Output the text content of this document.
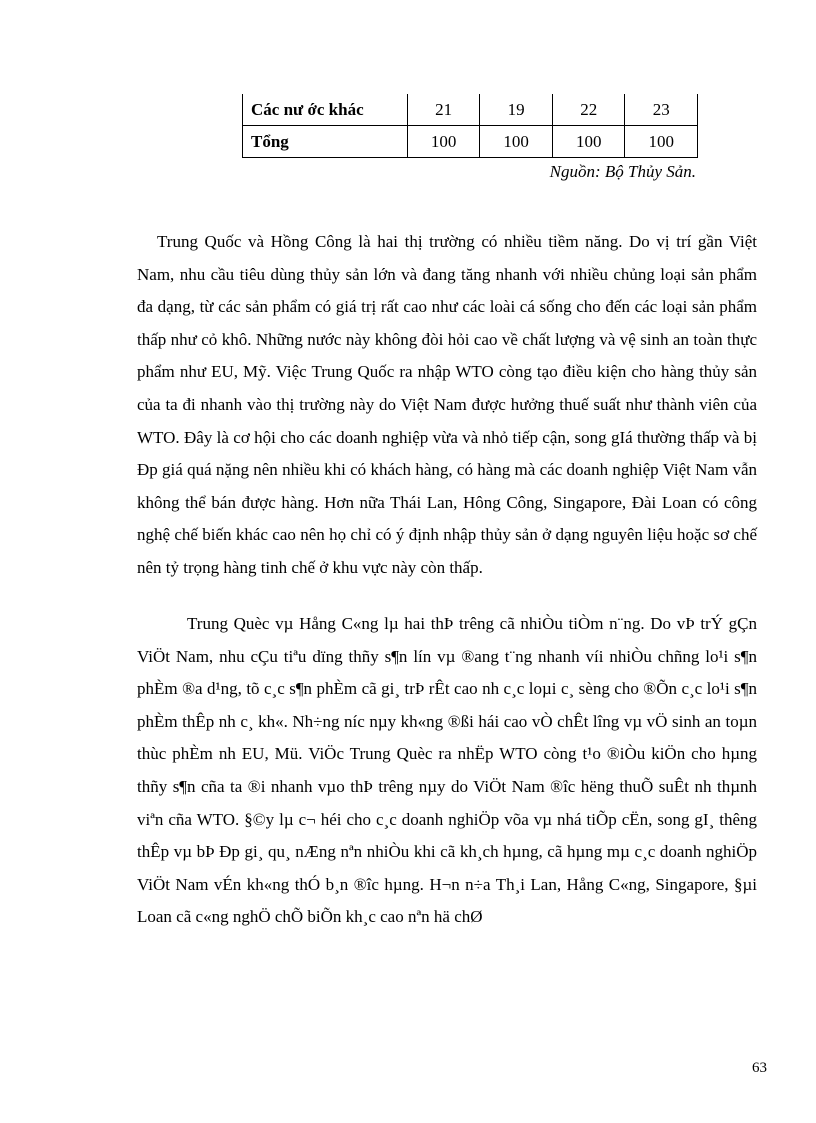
Các nư ớc khác	21	19	22	23
Tổng	100	100	100	100
Nguồn: Bộ Thủy Sản.

Trung Quốc và Hồng Công là hai thị trường có nhiều tiềm năng. Do vị trí gần Việt Nam, nhu cầu tiêu dùng thủy sản lớn và đang tăng nhanh với nhiều chủng loại sản phẩm đa dạng, từ các sản phẩm có giá trị rất cao như các loài cá sống cho đến các loại sản phẩm thấp như cỏ khô. Những nước này không đòi hỏi cao về chất lượng và vệ sinh an toàn thực phẩm như EU, Mỹ. Việc Trung Quốc ra nhập WTO còng tạo điều kiện cho hàng thủy sản của ta đi nhanh vào thị trường này do Việt Nam được hưởng thuế suất như thành viên của WTO. Đây là cơ hội cho các doanh nghiệp vừa và nhỏ tiếp cận, song gIá thường thấp và bị Ðp giá quá nặng nên nhiều khi có khách hàng, có hàng mà các doanh nghiệp Việt Nam vẫn không thể bán được hàng. Hơn nữa Thái Lan, Hông Công, Singapore, Đài Loan có công nghệ chế biến khác cao nên họ chỉ có ý định nhập thủy sản ở dạng nguyên liệu hoặc sơ chế nên tỷ trọng hàng tinh chế ở khu vực này còn thấp.

Trung Quèc vµ Hång C«ng lµ hai thÞ trêng cã nhiÒu tiÒm n¨ng. Do vÞ trÝ gÇn ViÖt Nam, nhu cÇu tiªu dïng thñy s¶n lín vµ ®ang t¨ng nhanh víi nhiÒu chñng lo¹i s¶n phÈm ®a d¹ng, tõ c¸c s¶n phÈm cã gi¸ trÞ rÊt cao nh c¸c loµi c¸ sèng cho ®Õn c¸c lo¹i s¶n phÈm thÊp nh c¸ kh«. Nh÷ng níc nµy kh«ng ®ßi hái cao vÒ chÊt lîng vµ vÖ sinh an toµn thùc phÈm nh EU, Mü. ViÖc Trung Quèc ra nhËp WTO còng t¹o ®iÒu kiÖn cho hµng thñy s¶n cña ta ®i nhanh vµo thÞ trêng nµy do ViÖt Nam ®îc hëng thuÕ suÊt nh thµnh viªn cña WTO. §©y lµ c¬ héi cho c¸c doanh nghiÖp võa vµ nhá tiÕp cËn, song gI¸ thêng thÊp vµ bÞ Ðp gi¸ qu¸ nÆng nªn nhiÒu khi cã kh¸ch hµng, cã hµng mµ c¸c doanh nghiÖp ViÖt Nam vÉn kh«ng thÓ b¸n ®îc hµng. H¬n n÷a Th¸i Lan, Hång C«ng, Singapore, §µi Loan cã c«ng nghÖ chÕ biÕn kh¸c cao nªn hä chØ

63
